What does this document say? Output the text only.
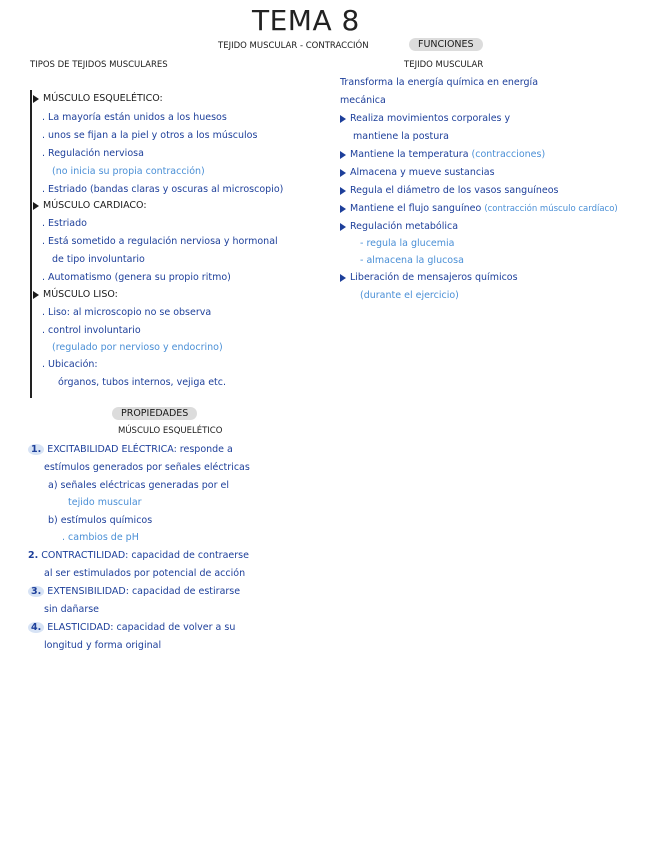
TEMA 8
TEJIDO MUSCULAR - CONTRACCIÓN
TIPOS DE TEJIDOS MUSCULARES
MÚSCULO ESQUELÉTICO:
. La mayoría están unidos a los huesos
. unos se fijan a la piel y otros a los músculos
. Regulación nerviosa
(no inicia su propia contracción)
. Estriado (bandas claras y oscuras al microscopio)
MÚSCULO CARDIACO:
. Estriado
. Está sometido a regulación nerviosa y hormonal
de tipo involuntario
. Automatismo (genera su propio ritmo)
MÚSCULO LISO:
. Liso: al microscopio no se observa
. control involuntario
(regulado por nervioso y endocrino)
. Ubicación:
órganos, tubos internos, vejiga etc.
FUNCIONES
TEJIDO MUSCULAR
Transforma la energía química en energía
mecánica
Realiza movimientos corporales y
mantiene la postura
Mantiene la temperatura (contracciones)
Almacena y mueve sustancias
Regula el diámetro de los vasos sanguíneos
Mantiene el flujo sanguíneo (contracción músculo cardíaco)
Regulación metabólica
- regula la glucemia
- almacena la glucosa
Liberación de mensajeros químicos
(durante el ejercicio)
PROPIEDADES
MÚSCULO ESQUELÉTICO
1. EXCITABILIDAD ELÉCTRICA: responde a
estímulos generados por señales eléctricas
a) señales eléctricas generadas por el
tejido muscular
b) estímulos químicos
. cambios de pH
2. CONTRACTILIDAD: capacidad de contraerse
al ser estimulados por potencial de acción
3. EXTENSIBILIDAD: capacidad de estirarse
sin dañarse
4. ELASTICIDAD: capacidad de volver a su
longitud y forma original
